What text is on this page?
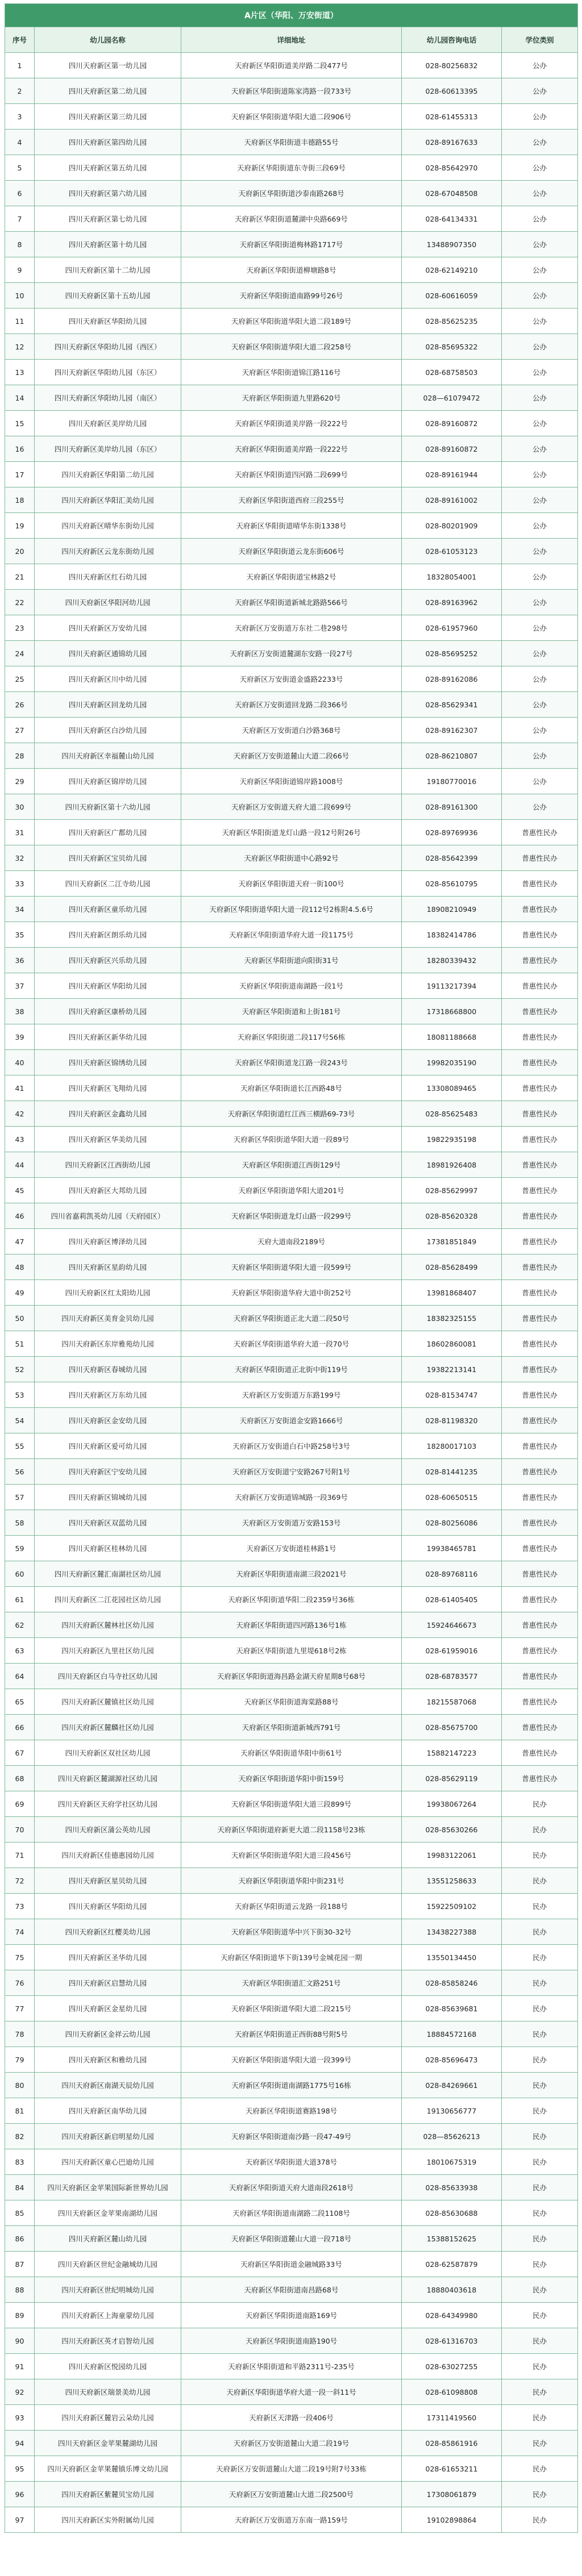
A片区（华阳、万安街道）				
序号	幼儿园名称	详细地址	幼儿园咨询电话	学位类别
1	四川天府新区第一幼儿园	天府新区华阳街道美岸路二段477号	028-80256832	公办
2	四川天府新区第二幼儿园	天府新区华阳街道陈家湾路一段733号	028-60613395	公办
3	四川天府新区第三幼儿园	天府新区华阳街道华阳大道二段906号	028-61455313	公办
4	四川天府新区第四幼儿园	天府新区华阳街道丰德路55号	028-89167633	公办
5	四川天府新区第五幼儿园	天府新区华阳街道东寺街三段69号	028-85642970	公办
6	四川天府新区第六幼儿园	天府新区华阳街道沙泰南路268号	028-67048508	公办
7	四川天府新区第七幼儿园	天府新区华阳街道麓湖中央路669号	028-64134331	公办
8	四川天府新区第十幼儿园	天府新区华阳街道梅林路1717号	13488907350	公办
9	四川天府新区第十二幼儿园	天府新区华阳街道柳塘路8号	028-62149210	公办
10	四川天府新区第十五幼儿园	天府新区华阳街道南路99号26号	028-60616059	公办
11	四川天府新区华阳幼儿园	天府新区华阳街道华阳大道二段189号	028-85625235	公办
12	四川天府新区华阳幼儿园（西区）	天府新区华阳街道华阳大道二段258号	028-85695322	公办
13	四川天府新区华阳幼儿园（东区）	天府新区华阳街道锦江路116号	028-68758503	公办
14	四川天府新区华阳幼儿园（南区）	天府新区华阳街道九里路620号	028—61079472	公办
15	四川天府新区美岸幼儿园	天府新区华阳街道美岸路一段222号	028-89160872	公办
16	四川天府新区美岸幼儿园（东区）	天府新区华阳街道美岸路一段222号	028-89160872	公办
17	四川天府新区华阳第二幼儿园	天府新区华阳街道四河路二段699号	028-89161944	公办
18	四川天府新区华阳汇美幼儿园	天府新区华阳街道西府三段255号	028-89161002	公办
19	四川天府新区晴华东街幼儿园	天府新区华阳街道晴华东街1338号	028-80201909	公办
20	四川天府新区云龙东街幼儿园	天府新区华阳街道云龙东街606号	028-61053123	公办
21	四川天府新区红石幼儿园	天府新区华阳街道宝林路2号	18328054001	公办
22	四川天府新区华阳河幼儿园	天府新区华阳街道新城北路路566号	028-89163962	公办
23	四川天府新区万安幼儿园	天府新区万安街道万东社二巷298号	028-61957960	公办
24	四川天府新区通锦幼儿园	天府新区万安街道麓湖东安路一段27号	028-85695252	公办
25	四川天府新区川中幼儿园	天府新区万安街道金盛路2233号	028-89162086	公办
26	四川天府新区回龙幼儿园	天府新区万安街道回龙路二段366号	028-85629341	公办
27	四川天府新区白沙幼儿园	天府新区万安街道白沙路368号	028-89162307	公办
28	四川天府新区幸福麓山幼儿园	天府新区万安街道麓山大道二段66号	028-86210807	公办
29	四川天府新区锦岸幼儿园	天府新区华阳街道锦岸路1008号	19180770016	公办
30	四川天府新区第十六幼儿园	天府新区万安街道天府大道二段699号	028-89161300	公办
31	四川天府新区广都幼儿园	天府新区华阳街道龙灯山路一段12号附26号	028-89769936	普惠性民办
32	四川天府新区宝贝幼儿园	天府新区华阳街道中心路92号	028-85642399	普惠性民办
33	四川天府新区二江寺幼儿园	天府新区华阳街道天府一街100号	028-85610795	普惠性民办
34	四川天府新区童乐幼儿园	天府新区华阳街道华阳大道一段112号2栋附4.5.6号	18908210949	普惠性民办
35	四川天府新区朗乐幼儿园	天府新区华阳街道华府大道一段1175号	18382414786	普惠性民办
36	四川天府新区兴乐幼儿园	天府新区华阳街道向阳街31号	18280339432	普惠性民办
37	四川天府新区华阳幼儿园	天府新区华阳街道南湖路一段1号	19113217394	普惠性民办
38	四川天府新区康桥幼儿园	天府新区华阳街道和上街181号	17318668800	普惠性民办
39	四川天府新区新华幼儿园	天府新区华阳街道二段117号56栋	18081188668	普惠性民办
40	四川天府新区锦绣幼儿园	天府新区华阳街道龙江路一段243号	19982035190	普惠性民办
41	四川天府新区飞翔幼儿园	天府新区华阳街道长江西路48号	13308089465	普惠性民办
42	四川天府新区金鑫幼儿园	天府新区华阳街道红江西三横路69-73号	028-85625483	普惠性民办
43	四川天府新区华美幼儿园	天府新区华阳街道华阳大道一段89号	19822935198	普惠性民办
44	四川天府新区江西街幼儿园	天府新区华阳街道江西街129号	18981926408	普惠性民办
45	四川天府新区大邦幼儿园	天府新区华阳街道华阳大道201号	028-85629997	普惠性民办
46	四川省嘉莉凯英幼儿园（天府园区）	天府新区华阳街道龙灯山路一段299号	028-85620328	普惠性民办
47	四川天府新区博泽幼儿园	天府大道南段2189号	17381851849	普惠性民办
48	四川天府新区星韵幼儿园	天府新区华阳街道华阳大道一段599号	028-85628499	普惠性民办
49	四川天府新区红太阳幼儿园	天府新区华阳街道华府大道中街252号	13981868407	普惠性民办
50	四川天府新区美育金贝幼儿园	天府新区华阳街道正北大道二段50号	18382325155	普惠性民办
51	四川天府新区东岸雅苑幼儿园	天府新区华阳街道华府大道一段70号	18602860081	普惠性民办
52	四川天府新区春城幼儿园	天府新区华阳街道正北街中街119号	19382213141	普惠性民办
53	四川天府新区万东幼儿园	天府新区万安街道万东路199号	028-81534747	普惠性民办
54	四川天府新区金安幼儿园	天府新区万安街道金安路1666号	028-81198320	普惠性民办
55	四川天府新区爱可幼儿园	天府新区万安街道白石中路258号3号	18280017103	普惠性民办
56	四川天府新区宁安幼儿园	天府新区万安街道宁安路267号附1号	028-81441235	普惠性民办
57	四川天府新区锦城幼儿园	天府新区万安街道锦城路一段369号	028-60650515	普惠性民办
58	四川天府新区双蓝幼儿园	天府新区万安街道万安路153号	028-80256086	普惠性民办
59	四川天府新区桂林幼儿园	天府新区万安街道桂林路1号	19938465781	普惠性民办
60	四川天府新区麓汇南湖社区幼儿园	天府新区华阳街道南湖三段2021号	028-89768116	普惠性民办
61	四川天府新区二江花园社区幼儿园	天府新区华阳街道华阳二段2359号36栋	028-61405405	普惠性民办
62	四川天府新区麓林社区幼儿园	天府新区华阳街道四河路136号1栋	15924646673	普惠性民办
63	四川天府新区九里社区幼儿园	天府新区华阳街道九里堤618号2栋	028-61959016	普惠性民办
64	四川天府新区白马寺社区幼儿园	天府新区华阳街道海昌路金湖天府星期8号68号	028-68783577	普惠性民办
65	四川天府新区麓镇社区幼儿园	天府新区华阳街道海棠路88号	18215587068	普惠性民办
66	四川天府新区麓麟社区幼儿园	天府新区华阳街道新城西791号	028-85675700	普惠性民办
67	四川天府新区双社区幼儿园	天府新区华阳街道华阳中街61号	15882147223	普惠性民办
68	四川天府新区麓湖源社区幼儿园	天府新区华阳街道华阳中街159号	028-85629119	普惠性民办
69	四川天府新区天府学社区幼儿园	天府新区华阳街道华阳大道三段899号	19938067264	民办
70	四川天府新区蒲公英幼儿园	天府新区华阳街道府新更大道二段1158号23栋	028-85630266	民办
71	四川天府新区佳德惠园幼儿园	天府新区华阳街道华阳大道三段456号	19983122061	民办
72	四川天府新区星贝幼儿园	天府新区华阳街道华阳中街231号	13551258633	民办
73	四川天府新区华阳幼儿园	天府新区华阳街道云龙路一段188号	15922509102	民办
74	四川天府新区红樱美幼儿园	天府新区华阳街道华中兴下街30-32号	13438227388	民办
75	四川天府新区圣华幼儿园	天府新区华阳街道华下街139号金城花园一期	13550134450	民办
76	四川天府新区启慧幼儿园	天府新区华阳街道汇文路251号	028-85858246	民办
77	四川天府新区金星幼儿园	天府新区华阳街道华阳大道二段215号	028-85639681	民办
78	四川天府新区金祥云幼儿园	天府新区华阳街道正西街88号附5号	18884572168	民办
79	四川天府新区和雅幼儿园	天府新区华阳街道华阳大道一段399号	028-85696473	民办
80	四川天府新区南湖天辰幼儿园	天府新区华阳街道南湖路1775号16栋	028-84269661	民办
81	四川天府新区南华幼儿园	天府新区华阳街道赛路198号	19130656777	民办
82	四川天府新区新启明星幼儿园	天府新区华阳街道南沙路一段47-49号	028—85626213	民办
83	四川天府新区童心巴迪幼儿园	天府新区华阳街道大道378号	18010675319	民办
84	四川天府新区金苹果国际新世界幼儿园	天府新区华阳街道天府大道南段2618号	028-85633938	民办
85	四川天府新区金苹果南湖幼儿园	天府新区华阳街道南湖路二段1108号	028-85630688	民办
86	四川天府新区麓山幼儿园	天府新区华阳街道麓山大道一段718号	15388152625	民办
87	四川天府新区世纪金融城幼儿园	天府新区华阳街道金融城路33号	028-62587879	民办
88	四川天府新区世纪明城幼儿园	天府新区华阳街道南昌路68号	18880403618	民办
89	四川天府新区上海童蒙幼儿园	天府新区华阳街道南路169号	028-64349980	民办
90	四川天府新区英才启智幼儿园	天府新区华阳街道南路190号	028-61316703	民办
91	四川天府新区悦园幼儿园	天府新区华阳街道和平路2311号-235号	028-63027255	民办
92	四川天府新区瑞景美幼儿园	天府新区华阳街道华府大道一段一斜11号	028-61098808	民办
93	四川天府新区麓岩云朵幼儿园	天府新区天津路一段406号	17311419560	民办
94	四川天府新区金苹果麓湖幼儿园	天府新区万安街道麓山大道二段19号	028-85861916	民办
95	四川天府新区金苹果麓镇乐博文幼儿园	天府新区万安街道麓山大道二段19号附7号33栋	028-61653211	民办
96	四川天府新区紫麓贝宝幼儿园	天府新区万安街道麓山大道二段2500号	17308061879	民办
97	四川天府新区实外附属幼儿园	天府新区万安街道万东南一路159号	19102898864	民办
